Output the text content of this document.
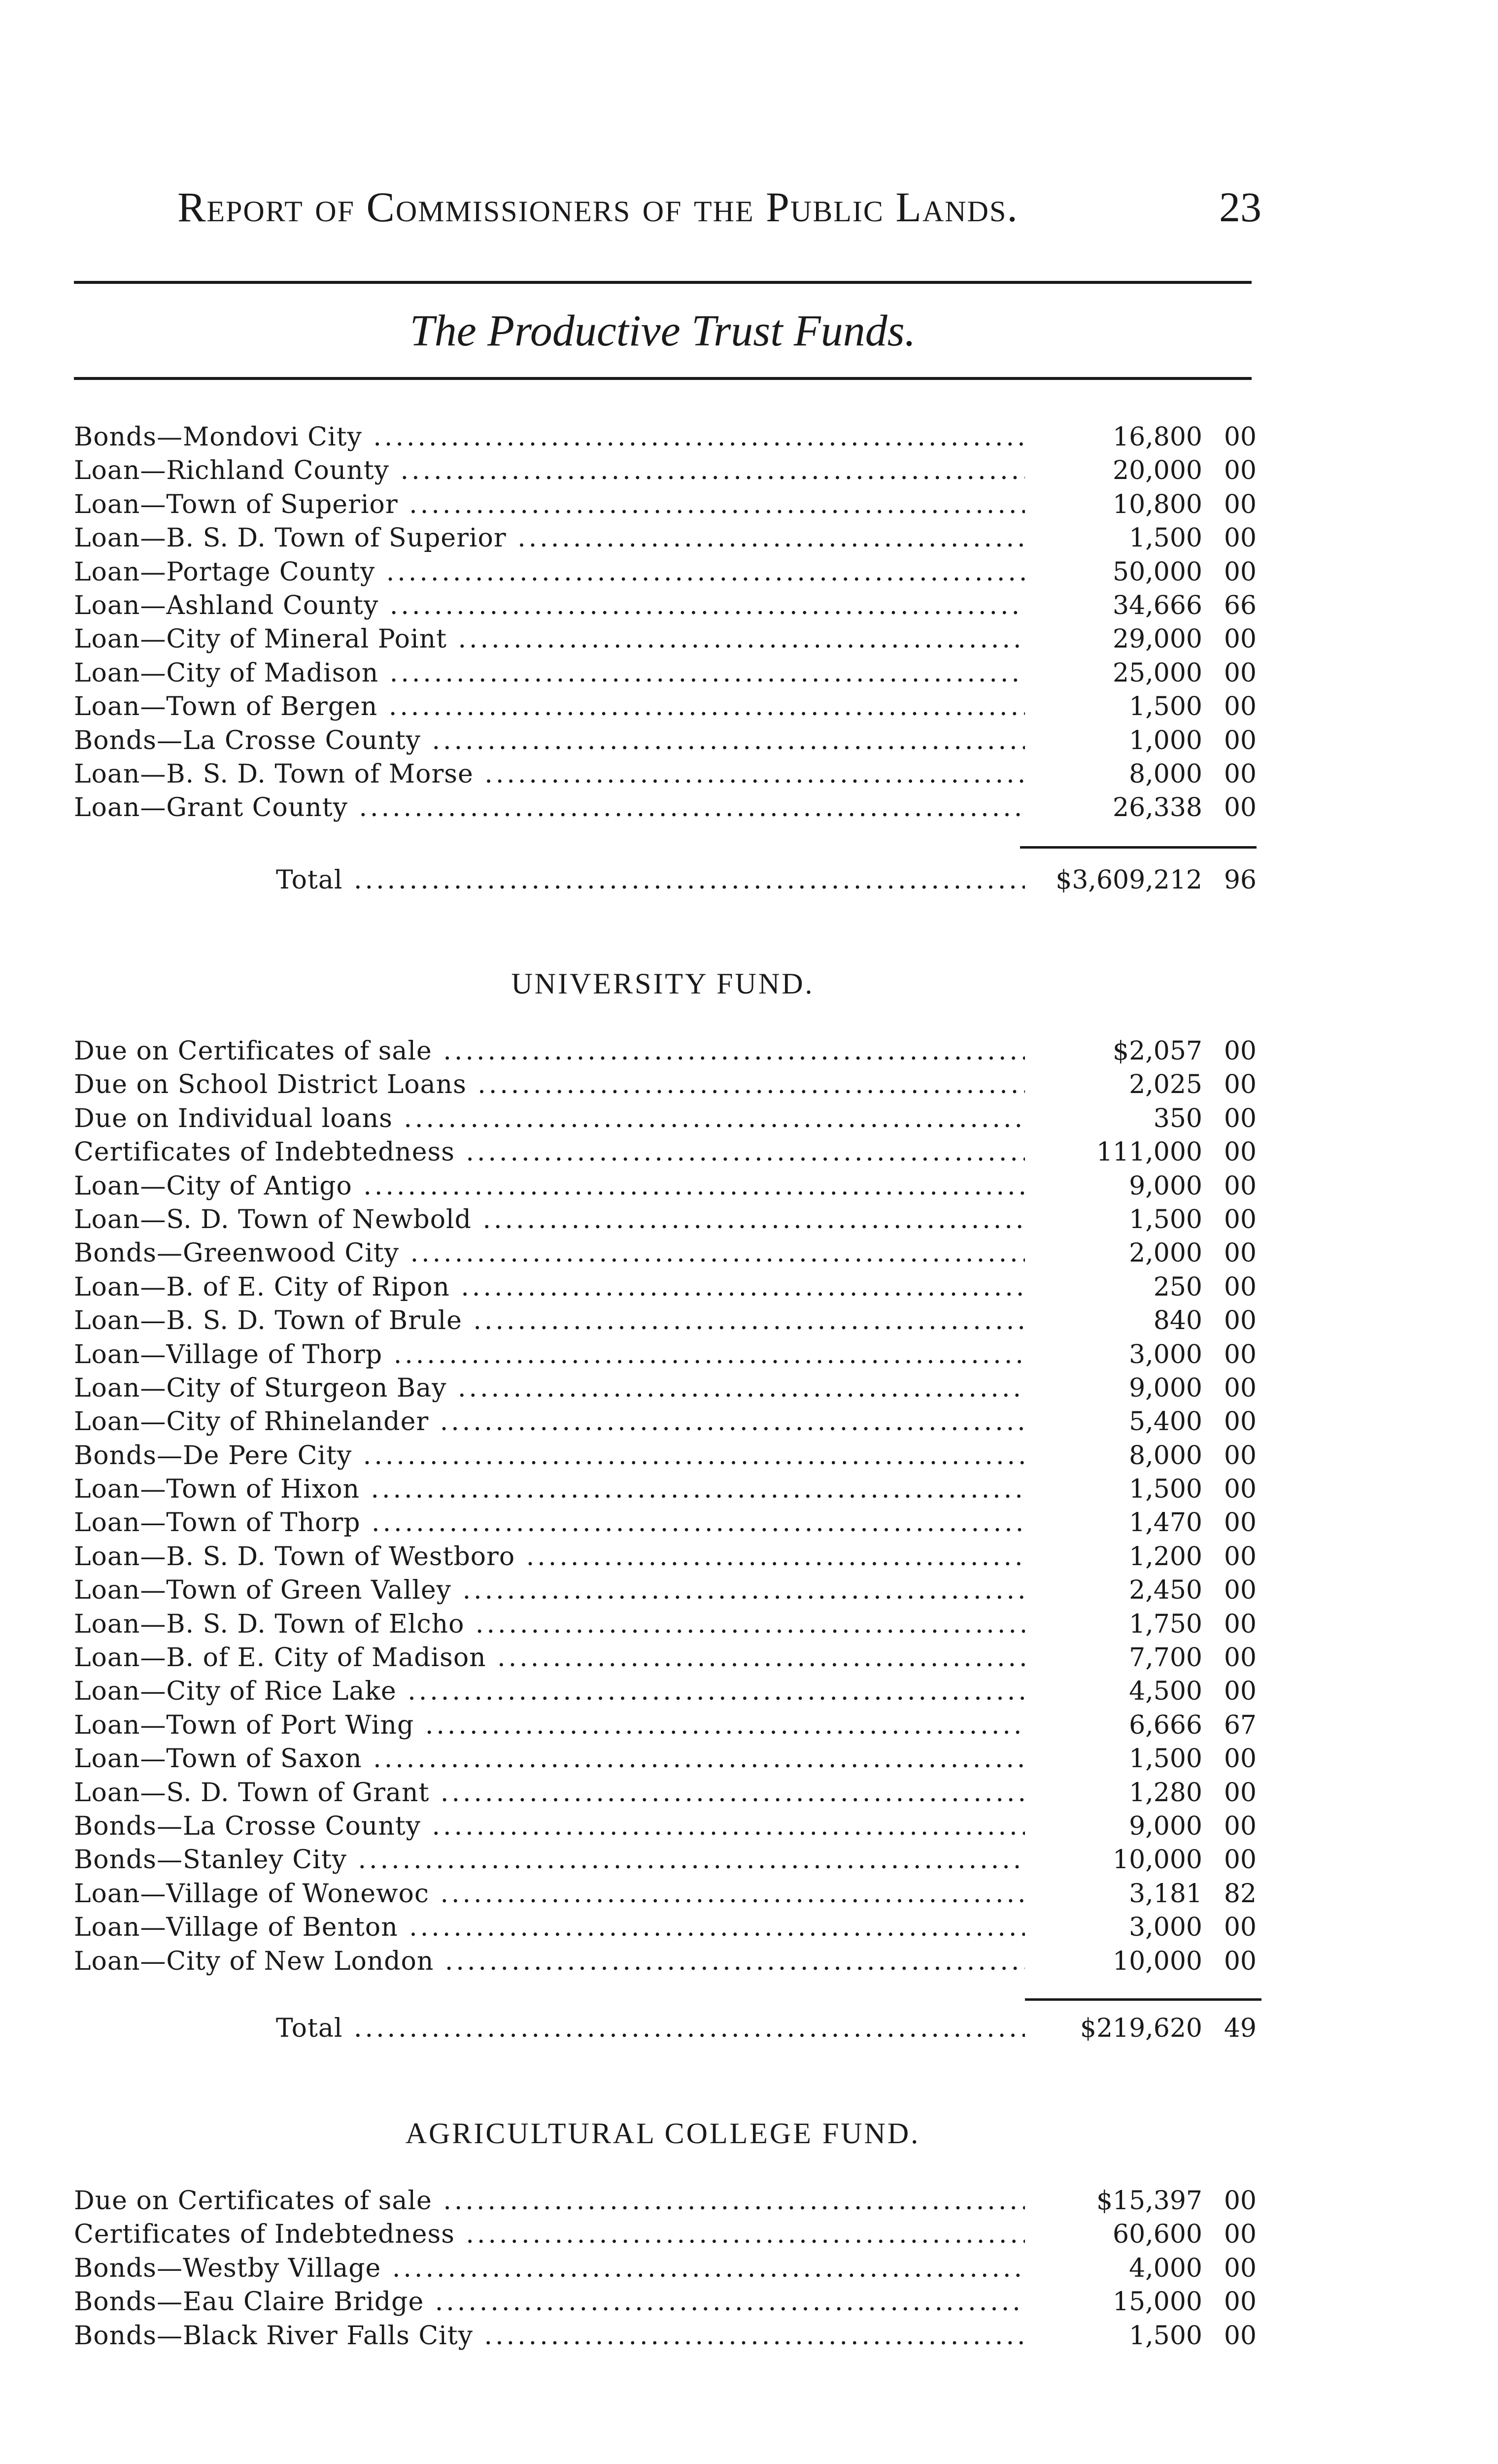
Report of Commissioners of the Public Lands.	23
The Productive Trust Funds.
Bonds—Mondovi City .....	16,800 00
Loan—Richland County .....	20,000 00
Loan—Town of Superior .....	10,800 00
Loan—B. S. D. Town of Superior .....	1,500 00
Loan—Portage County .....	50,000 00
Loan—Ashland County .....	34,666 66
Loan—City of Mineral Point .....	29,000 00
Loan—City of Madison .....	25,000 00
Loan—Town of Bergen .....	1,500 00
Bonds—La Crosse County .....	1,000 00
Loan—B. S. D. Town of Morse .....	8,000 00
Loan—Grant County .....	26,338 00
Total .....	$3,609,212 96
UNIVERSITY FUND.
Due on Certificates of sale .....	$2,057 00
Due on School District Loans .....	2,025 00
Due on Individual loans .....	350 00
Certificates of Indebtedness .....	111,000 00
Loan—City of Antigo .....	9,000 00
Loan—S. D. Town of Newbold .....	1,500 00
Bonds—Greenwood City .....	2,000 00
Loan—B. of E. City of Ripon .....	250 00
Loan—B. S. D. Town of Brule .....	840 00
Loan—Village of Thorp .....	3,000 00
Loan—City of Sturgeon Bay .....	9,000 00
Loan—City of Rhinelander .....	5,400 00
Bonds—De Pere City .....	8,000 00
Loan—Town of Hixon .....	1,500 00
Loan—Town of Thorp .....	1,470 00
Loan—B. S. D. Town of Westboro .....	1,200 00
Loan—Town of Green Valley .....	2,450 00
Loan—B. S. D. Town of Elcho .....	1,750 00
Loan—B. of E. City of Madison .....	7,700 00
Loan—City of Rice Lake .....	4,500 00
Loan—Town of Port Wing .....	6,666 67
Loan—Town of Saxon .....	1,500 00
Loan—S. D. Town of Grant .....	1,280 00
Bonds—La Crosse County .....	9,000 00
Bonds—Stanley City .....	10,000 00
Loan—Village of Wonewoc .....	3,181 82
Loan—Village of Benton .....	3,000 00
Loan—City of New London .....	10,000 00
Total .....	$219,620 49
AGRICULTURAL COLLEGE FUND.
Due on Certificates of sale .....	$15,397 00
Certificates of Indebtedness .....	60,600 00
Bonds—Westby Village .....	4,000 00
Bonds—Eau Claire Bridge .....	15,000 00
Bonds—Black River Falls City .....	1,500 00
